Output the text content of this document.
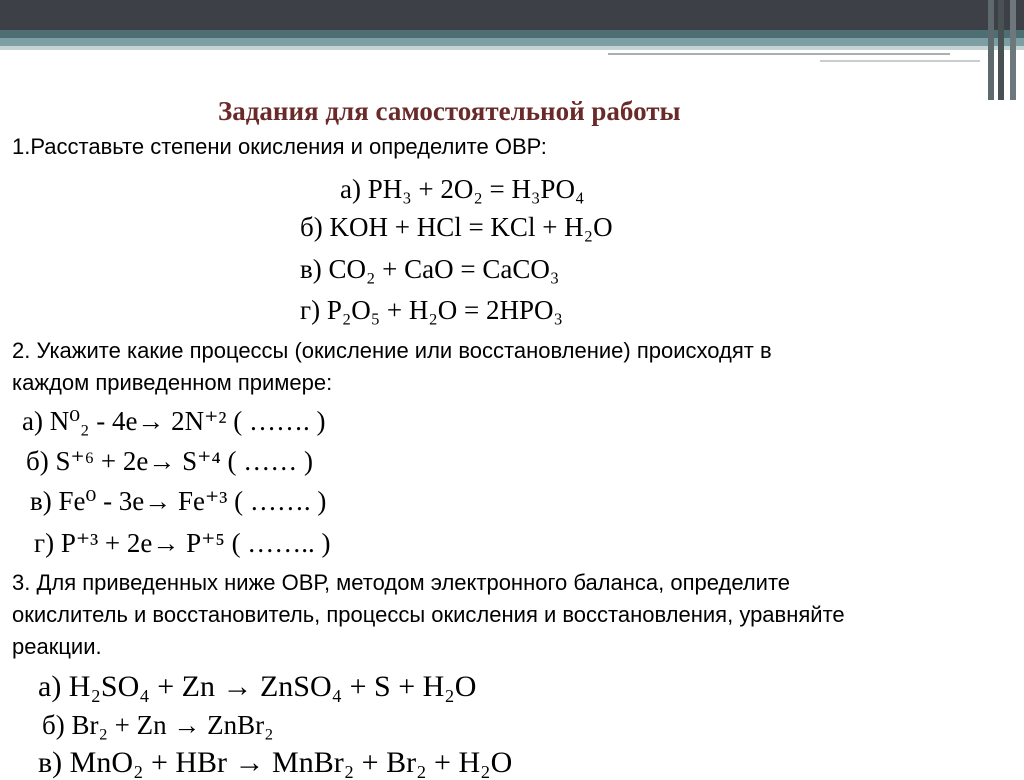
Задания для самостоятельной работы
1.Расставьте степени окисления и определите ОВР:
а) PH₃ + 2O₂ = H₃PO₄
б) KOH + HCl = KCl + H₂O
в) CO₂ + CaO = CaCO₃
г) P₂O₅ + H₂O = 2HPO₃
2. Укажите какие процессы (окисление или восстановление) происходят в
каждом приведенном примере:
а) N⁰₂ - 4e→ 2N⁺² ( ……. )
б) S⁺⁶ + 2e→ S⁺⁴ ( …… )
в) Fe⁰ - 3e→ Fe⁺³ ( ……. )
г) P⁺³ + 2e→ P⁺⁵ ( …….. )
3. Для приведенных ниже ОВР, методом электронного баланса, определите
окислитель и восстановитель, процессы окисления и восстановления, уравняйте
реакции.
а) H₂SO₄ + Zn → ZnSO₄ + S + H₂O
б) Br₂ + Zn → ZnBr₂
в) MnO₂ + HBr → MnBr₂ + Br₂ + H₂O
